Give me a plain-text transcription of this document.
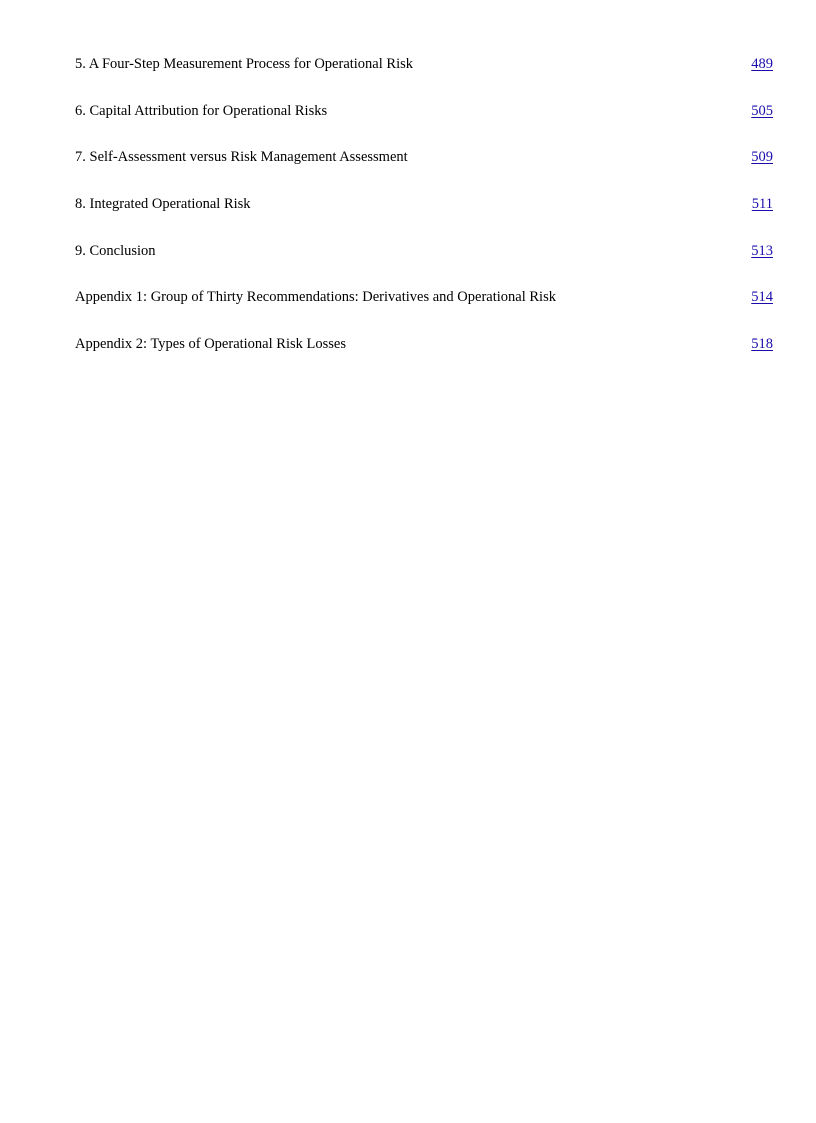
5. A Four-Step Measurement Process for Operational Risk	489
6. Capital Attribution for Operational Risks	505
7. Self-Assessment versus Risk Management Assessment	509
8. Integrated Operational Risk	511
9. Conclusion	513
Appendix 1: Group of Thirty Recommendations: Derivatives and Operational Risk	514
Appendix 2: Types of Operational Risk Losses	518
